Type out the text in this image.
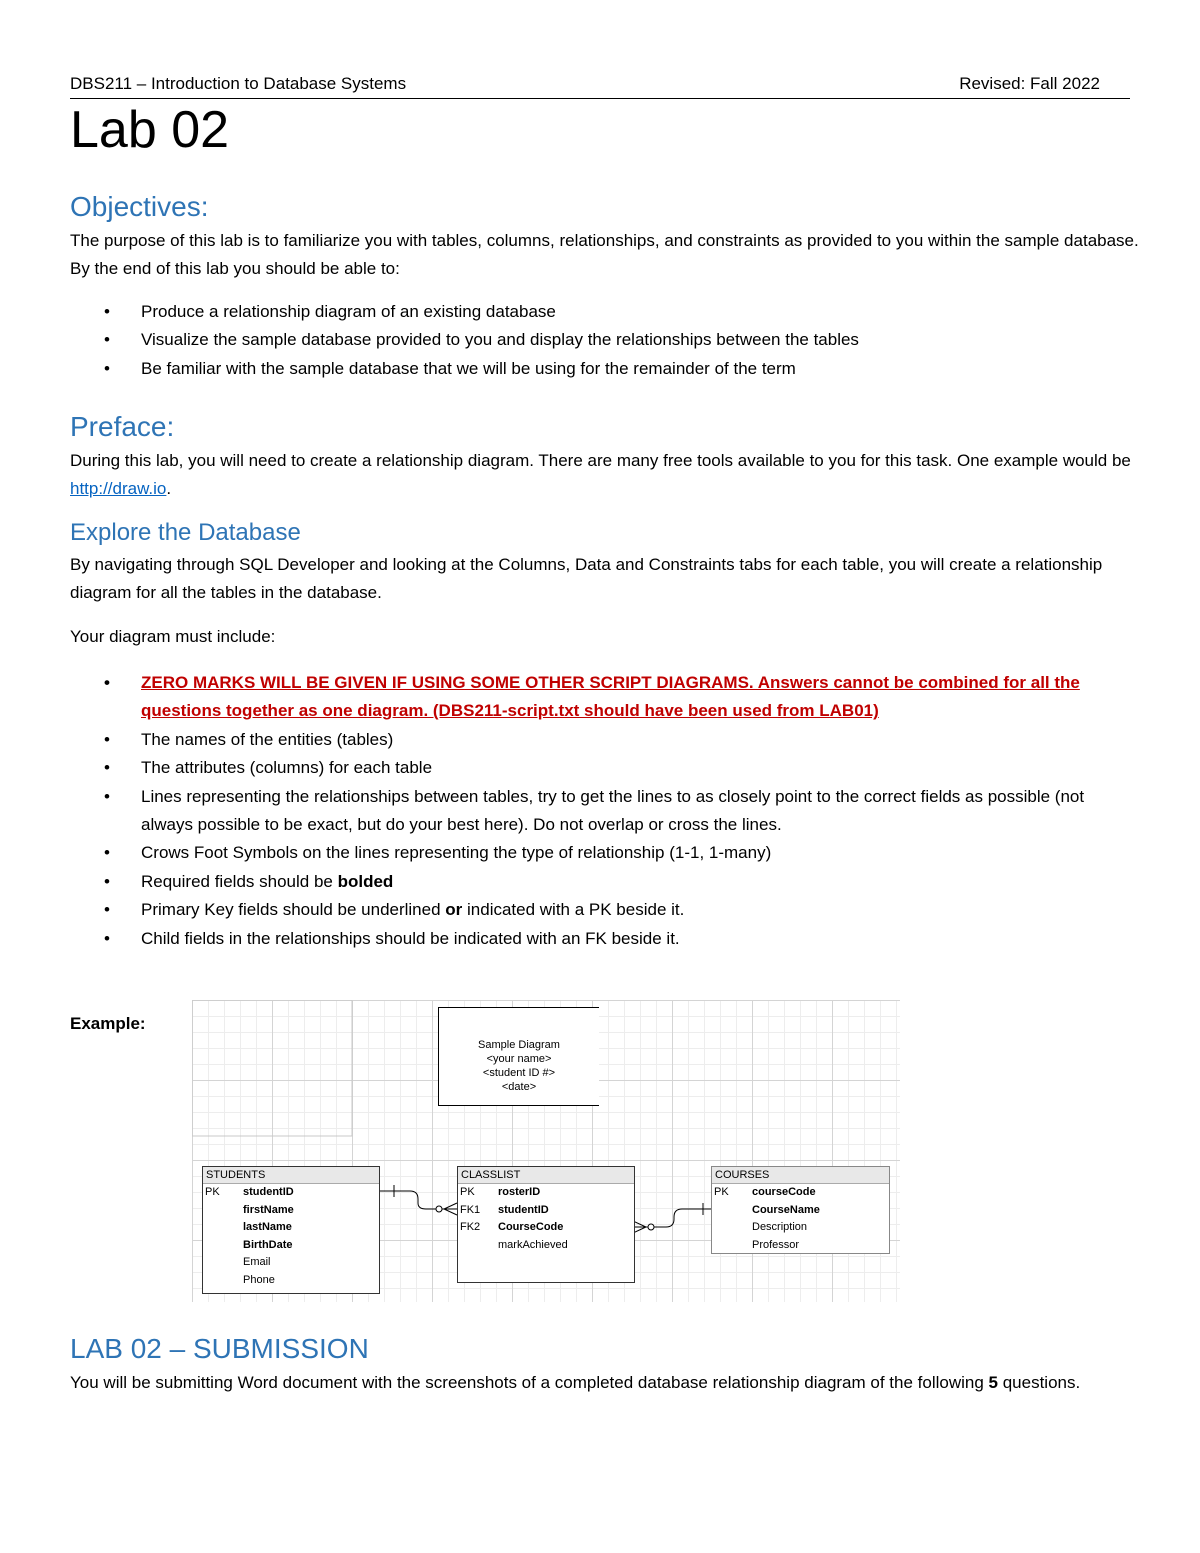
DBS211 – Introduction to Database Systems	Revised: Fall 2022
Lab 02
Objectives:
The purpose of this lab is to familiarize you with tables, columns, relationships, and constraints as provided to you within the sample database. By the end of this lab you should be able to:
• Produce a relationship diagram of an existing database
• Visualize the sample database provided to you and display the relationships between the tables
• Be familiar with the sample database that we will be using for the remainder of the term
Preface:
During this lab, you will need to create a relationship diagram. There are many free tools available to you for this task. One example would be http://draw.io.
Explore the Database
By navigating through SQL Developer and looking at the Columns, Data and Constraints tabs for each table, you will create a relationship diagram for all the tables in the database.
Your diagram must include:
• ZERO MARKS WILL BE GIVEN IF USING SOME OTHER SCRIPT DIAGRAMS. Answers cannot be combined for all the questions together as one diagram. (DBS211-script.txt should have been used from LAB01)
• The names of the entities (tables)
• The attributes (columns) for each table
• Lines representing the relationships between tables, try to get the lines to as closely point to the correct fields as possible (not always possible to be exact, but do your best here). Do not overlap or cross the lines.
• Crows Foot Symbols on the lines representing the type of relationship (1-1, 1-many)
• Required fields should be bolded
• Primary Key fields should be underlined or indicated with a PK beside it.
• Child fields in the relationships should be indicated with an FK beside it.
Example:
Sample Diagram
<your name>
<student ID #>
<date>
STUDENTS
PK studentID
firstName
lastName
BirthDate
Email
Phone
CLASSLIST
PK rosterID
FK1 studentID
FK2 CourseCode
markAchieved
COURSES
PK courseCode
CourseName
Description
Professor
LAB 02 – SUBMISSION
You will be submitting Word document with the screenshots of a completed database relationship diagram of the following 5 questions.
